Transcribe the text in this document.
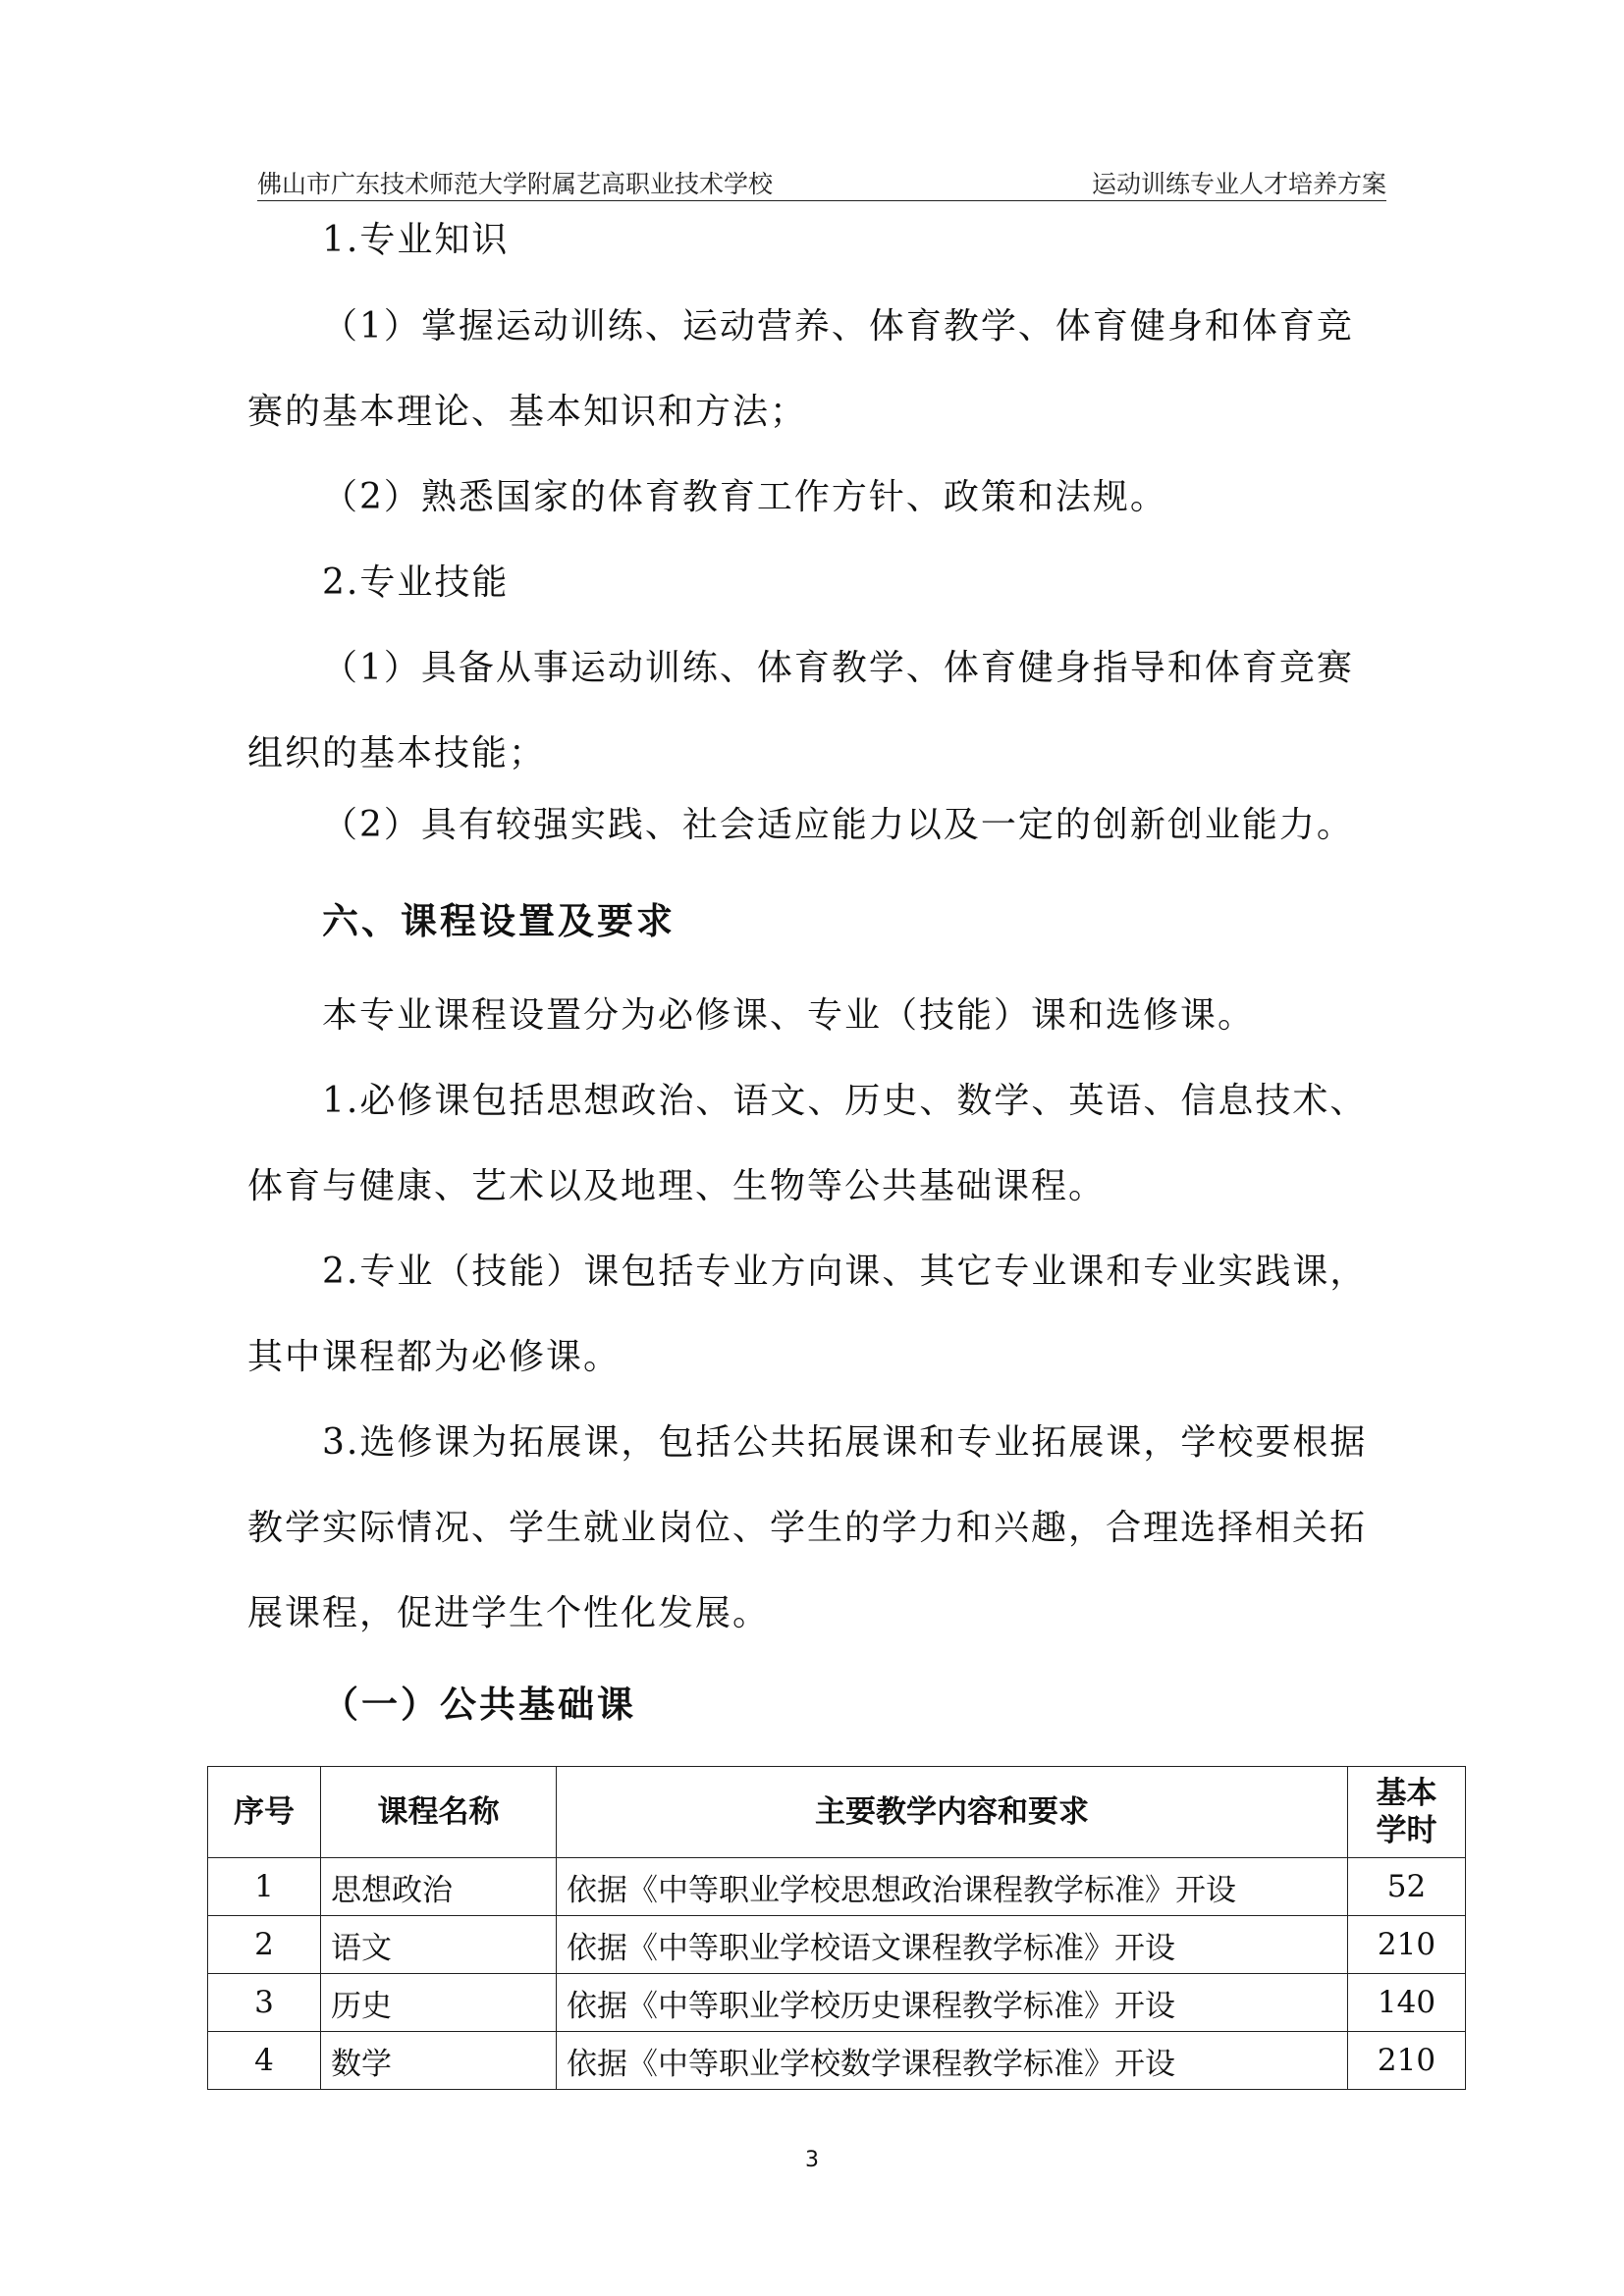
佛山市广东技术师范大学附属艺高职业技术学校	运动训练专业人才培养方案
1.专业知识
（1）掌握运动训练、运动营养、体育教学、体育健身和体育竞
赛的基本理论、基本知识和方法；
（2）熟悉国家的体育教育工作方针、政策和法规。
2.专业技能
（1）具备从事运动训练、体育教学、体育健身指导和体育竞赛
组织的基本技能；
（2）具有较强实践、社会适应能力以及一定的创新创业能力。
六、课程设置及要求
本专业课程设置分为必修课、专业（技能）课和选修课。
1.必修课包括思想政治、语文、历史、数学、英语、信息技术、
体育与健康、艺术以及地理、生物等公共基础课程。
2.专业（技能）课包括专业方向课、其它专业课和专业实践课，
其中课程都为必修课。
3.选修课为拓展课，包括公共拓展课和专业拓展课，学校要根据
教学实际情况、学生就业岗位、学生的学力和兴趣，合理选择相关拓
展课程，促进学生个性化发展。
（一）公共基础课
序号	课程名称	主要教学内容和要求	基本
学时
1	思想政治	依据《中等职业学校思想政治课程教学标准》开设	52
2	语文	依据《中等职业学校语文课程教学标准》开设	210
3	历史	依据《中等职业学校历史课程教学标准》开设	140
4	数学	依据《中等职业学校数学课程教学标准》开设	210
3
